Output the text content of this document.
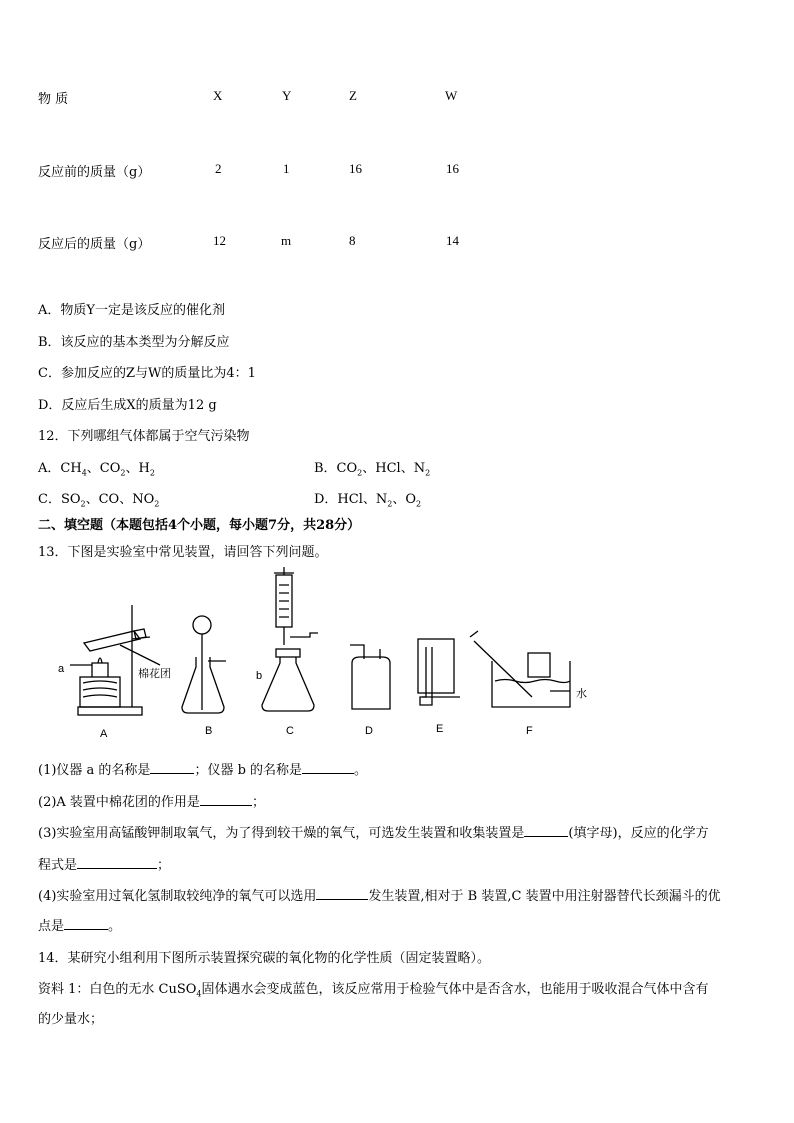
物 质	X	Y	Z	W
反应前的质量（g）	2	1	16	16
反应后的质量（g）	12	m	8	14
A．物质Y一定是该反应的催化剂
B．该反应的基本类型为分解反应
C．参加反应的Z与W的质量比为4：1
D．反应后生成X的质量为12 g
12．下列哪组气体都属于空气污染物
A．$CH_4$、$CO_2$、$H_2$	B．$CO_2$、HCl、$N_2$
C．$SO_2$、CO、$NO_2$	D．HCl、$N_2$、$O_2$
二、填空题（本题包括4个小题，每小题7分，共28分）
13．下图是实验室中常见装置，请回答下列问题。
a	棉花团	b
水
A	B	C	D	E	F
(1)仪器 a 的名称是	；仪器 b 的名称是	。
(2)A 装置中棉花团的作用是	；
(3)实验室用高锰酸钾制取氧气，为了得到较干燥的氧气，可选发生装置和收集装置是	(填字母)，反应的化学方
程式是	；
(4)实验室用过氧化氢制取较纯净的氧气可以选用	发生装置,相对于 B 装置,C 装置中用注射器替代长颈漏斗的优
点是	。
14．某研究小组利用下图所示装置探究碳的氧化物的化学性质（固定装置略）。
资料 1：白色的无水 CuSO$_4$固体遇水会变成蓝色，该反应常用于检验气体中是否含水，也能用于吸收混合气体中含有
的少量水；
